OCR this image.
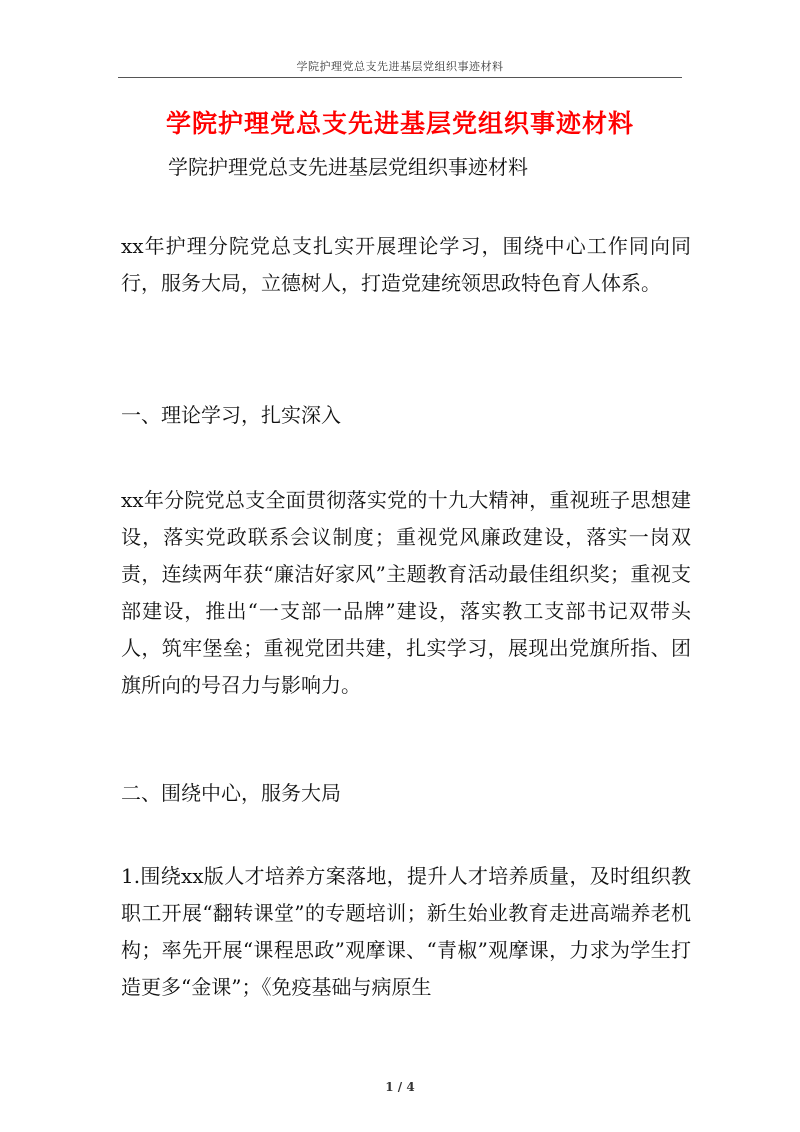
学院护理党总支先进基层党组织事迹材料
学院护理党总支先进基层党组织事迹材料
学院护理党总支先进基层党组织事迹材料
xx年护理分院党总支扎实开展理论学习，围绕中心工作同向同行，服务大局，立德树人，打造党建统领思政特色育人体系。
一、理论学习，扎实深入
xx年分院党总支全面贯彻落实党的十九大精神，重视班子思想建设，落实党政联系会议制度；重视党风廉政建设，落实一岗双责，连续两年获“廉洁好家风”主题教育活动最佳组织奖；重视支部建设，推出“一支部一品牌”建设，落实教工支部书记双带头人，筑牢堡垒；重视党团共建，扎实学习，展现出党旗所指、团旗所向的号召力与影响力。
二、围绕中心，服务大局
1.围绕xx版人才培养方案落地，提升人才培养质量，及时组织教职工开展“翻转课堂”的专题培训；新生始业教育走进高端养老机构；率先开展“课程思政”观摩课、“青椒”观摩课，力求为学生打造更多“金课”；《免疫基础与病原生
1 / 4
